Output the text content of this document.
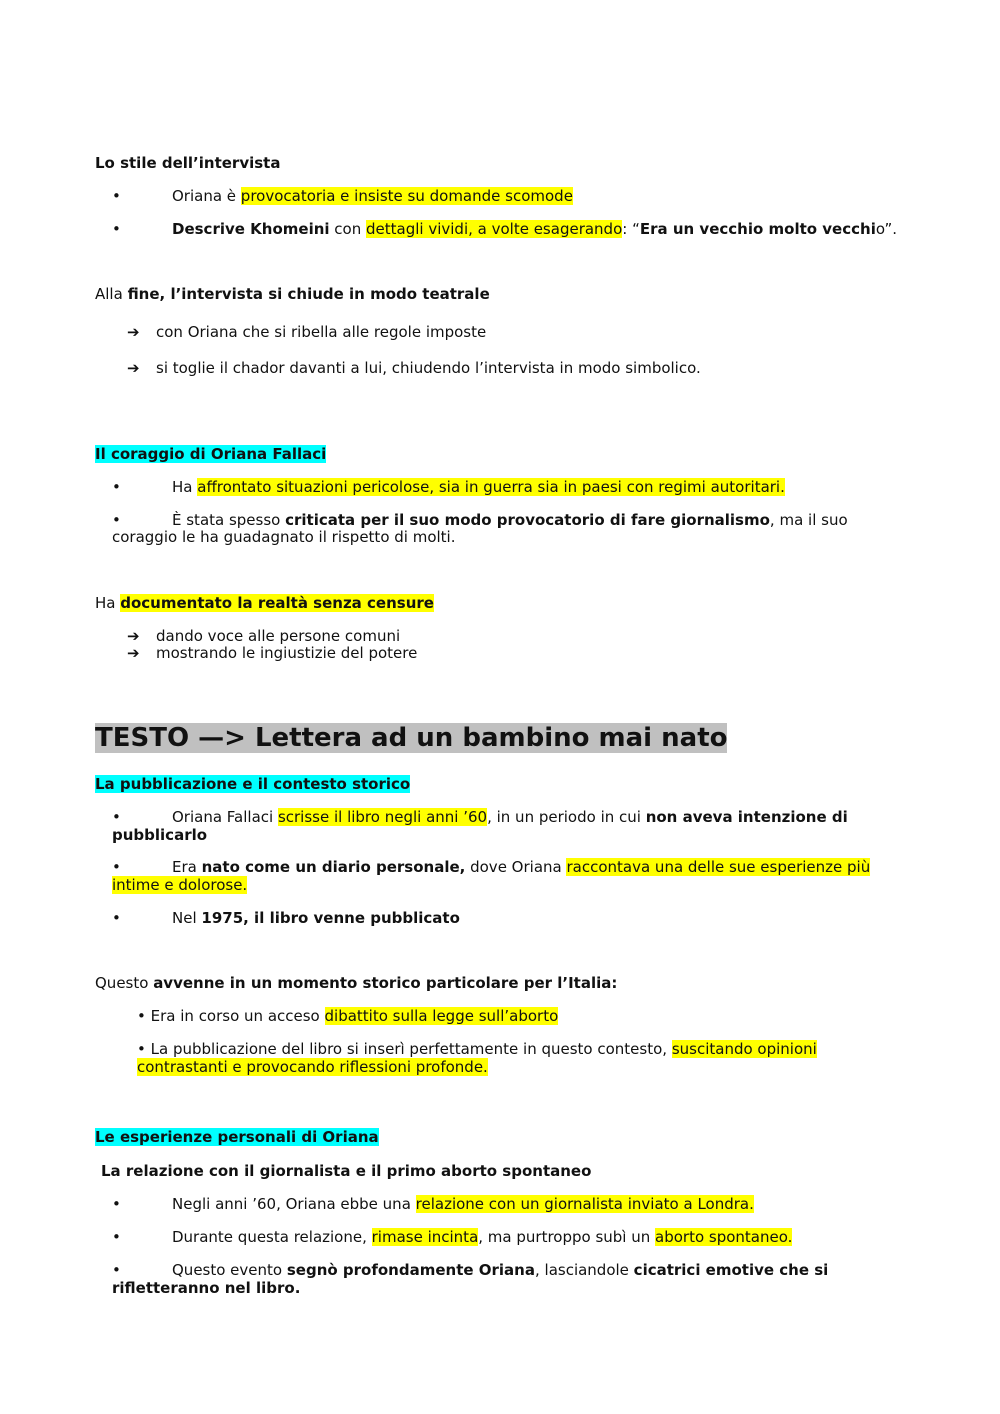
Lo stile dell’intervista

•	Oriana è provocatoria e insiste su domande scomode

•	Descrive Khomeini con dettagli vividi, a volte esagerando: “Era un vecchio molto vecchio”.

Alla fine, l’intervista si chiude in modo teatrale

➔ con Oriana che si ribella alle regole imposte

➔ si toglie il chador davanti a lui, chiudendo l’intervista in modo simbolico.

Il coraggio di Oriana Fallaci

•	Ha affrontato situazioni pericolose, sia in guerra sia in paesi con regimi autoritari.

•	È stata spesso criticata per il suo modo provocatorio di fare giornalismo, ma il suo

coraggio le ha guadagnato il rispetto di molti.

Ha documentato la realtà senza censure

➔ dando voce alle persone comuni

➔ mostrando le ingiustizie del potere

TESTO —> Lettera ad un bambino mai nato

La pubblicazione e il contesto storico

•	Oriana Fallaci scrisse il libro negli anni ’60, in un periodo in cui non aveva intenzione di

pubblicarlo

•	Era nato come un diario personale, dove Oriana raccontava una delle sue esperienze più

intime e dolorose.

•	Nel 1975, il libro venne pubblicato

Questo avvenne in un momento storico particolare per l’Italia:

• Era in corso un acceso dibattito sulla legge sull’aborto

• La pubblicazione del libro si inserì perfettamente in questo contesto, suscitando opinioni

contrastanti e provocando riflessioni profonde.

Le esperienze personali di Oriana

La relazione con il giornalista e il primo aborto spontaneo

•	Negli anni ’60, Oriana ebbe una relazione con un giornalista inviato a Londra.

•	Durante questa relazione, rimase incinta, ma purtroppo subì un aborto spontaneo.

•	Questo evento segnò profondamente Oriana, lasciandole cicatrici emotive che si

rifletteranno nel libro.
